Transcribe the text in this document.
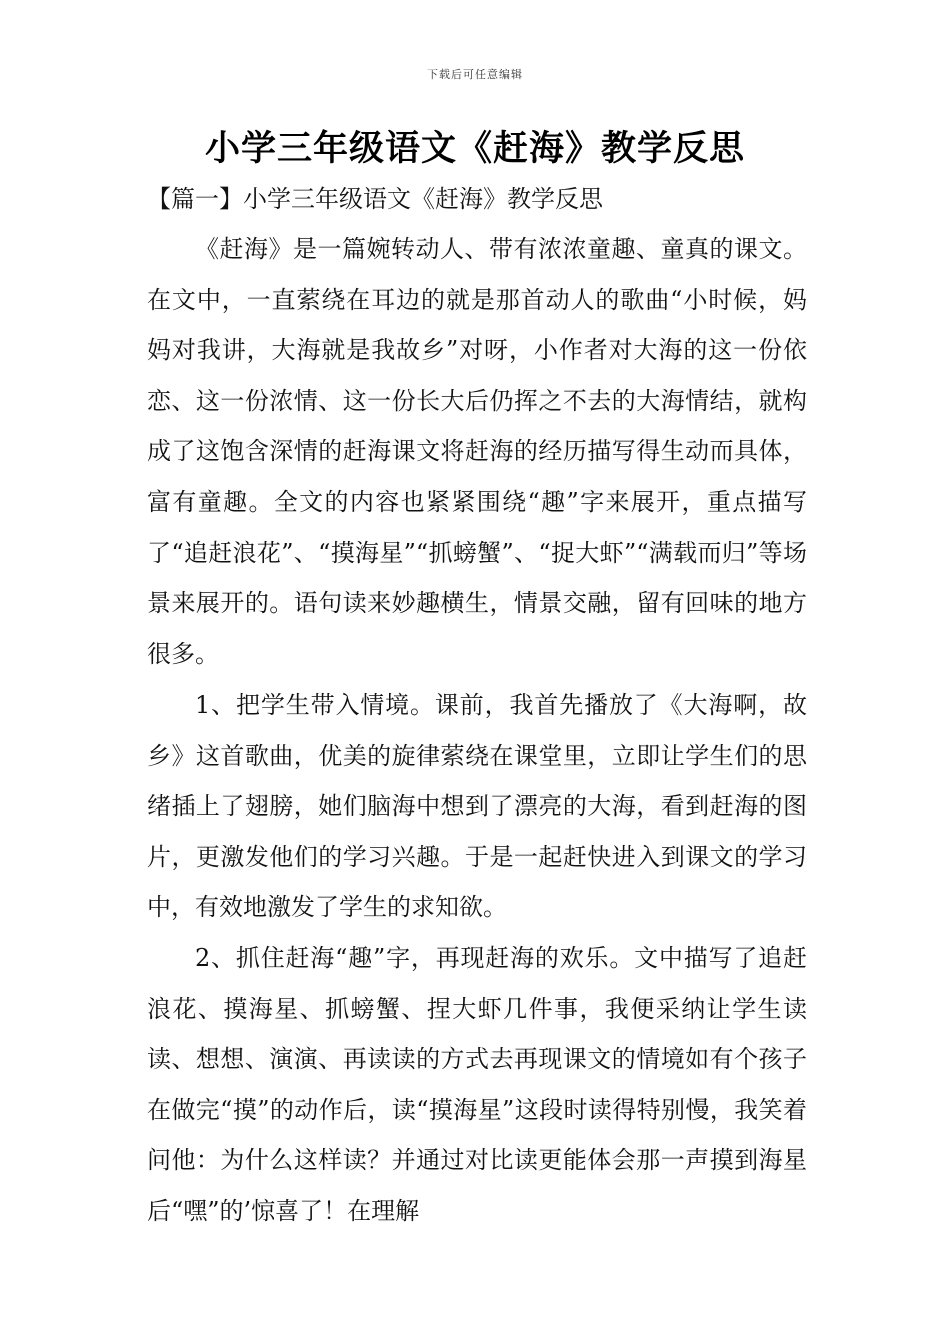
下载后可任意编辑
小学三年级语文《赶海》教学反思
【篇一】小学三年级语文《赶海》教学反思

《赶海》是一篇婉转动人、带有浓浓童趣、童真的课文。在文中，一直萦绕在耳边的就是那首动人的歌曲“小时候，妈妈对我讲，大海就是我故乡”对呀，小作者对大海的这一份依恋、这一份浓情、这一份长大后仍挥之不去的大海情结，就构成了这饱含深情的赶海课文将赶海的经历描写得生动而具体，富有童趣。全文的内容也紧紧围绕“趣”字来展开，重点描写了“追赶浪花”、“摸海星”“抓螃蟹”、“捉大虾”“满载而归”等场景来展开的。语句读来妙趣横生，情景交融，留有回味的地方很多。

1、把学生带入情境。课前，我首先播放了《大海啊，故乡》这首歌曲，优美的旋律萦绕在课堂里，立即让学生们的思绪插上了翅膀，她们脑海中想到了漂亮的大海，看到赶海的图片，更激发他们的学习兴趣。于是一起赶快进入到课文的学习中，有效地激发了学生的求知欲。

2、抓住赶海“趣”字，再现赶海的欢乐。文中描写了追赶浪花、摸海星、抓螃蟹、捏大虾几件事，我便采纳让学生读读、想想、演演、再读读的方式去再现课文的情境如有个孩子在做完“摸”的动作后，读“摸海星”这段时读得特别慢，我笑着问他：为什么这样读？并通过对比读更能体会那一声摸到海星后“嘿”的’惊喜了！在理解
